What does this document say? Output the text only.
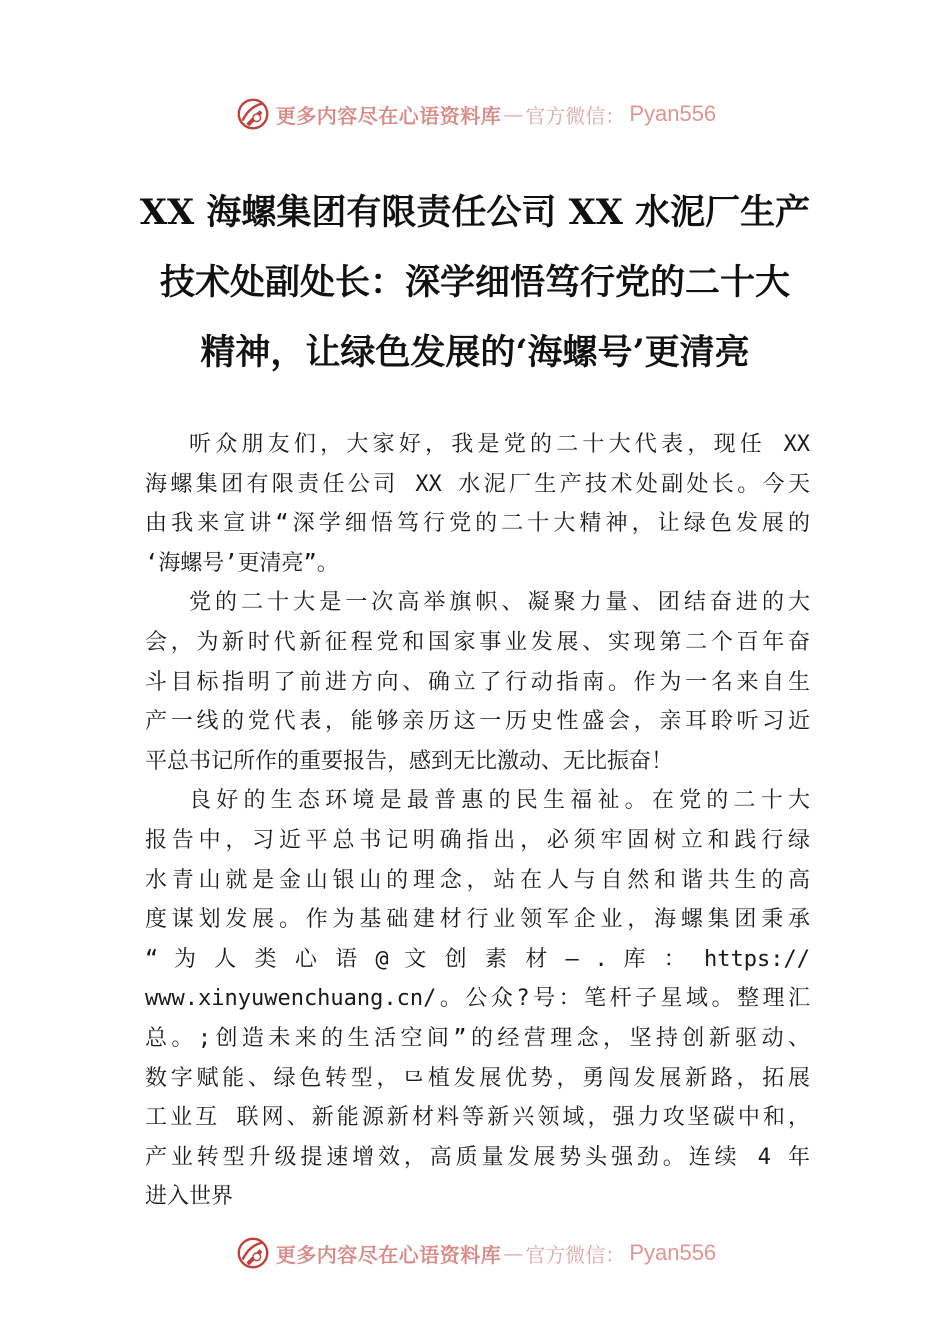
更多内容尽在心语资料库 — 官方微信： Pyan556
XX 海螺集团有限责任公司 XX 水泥厂生产
技术处副处长：深学细悟笃行党的二十大
精神，让绿色发展的‘海螺号’更清亮
听众朋友们，大家好，我是党的二十大代表，现任 XX
海螺集团有限责任公司 XX 水泥厂生产技术处副处长。今天
由我来宣讲“深学细悟笃行党的二十大精神，让绿色发展的
‘海螺号’更清亮”。
党的二十大是一次高举旗帜、凝聚力量、团结奋进的大
会，为新时代新征程党和国家事业发展、实现第二个百年奋
斗目标指明了前进方向、确立了行动指南。作为一名来自生
产一线的党代表，能够亲历这一历史性盛会，亲耳聆听习近
平总书记所作的重要报告，感到无比激动、无比振奋！
良好的生态环境是最普惠的民生福祉。在党的二十大
报告中，习近平总书记明确指出，必须牢固树立和践行绿
水青山就是金山银山的理念，站在人与自然和谐共生的高
度谋划发展。作为基础建材行业领军企业，海螺集团秉承
“ 为 人 类 心 语 @ 文 创 素 材 — . 库 ： https://
www.xinyuwenchuang.cn/。公众?号：笔杆子星域。整理汇
总。;创造未来的生活空间”的经营理念，坚持创新驱动、
数字赋能、绿色转型，⺋植发展优势，勇闯发展新路，拓展
工业互 联网、新能源新材料等新兴领域，强力攻坚碳中和，
产业转型升级提速增效，高质量发展势头强劲。连续 4 年
进入世界
更多内容尽在心语资料库 — 官方微信： Pyan556
